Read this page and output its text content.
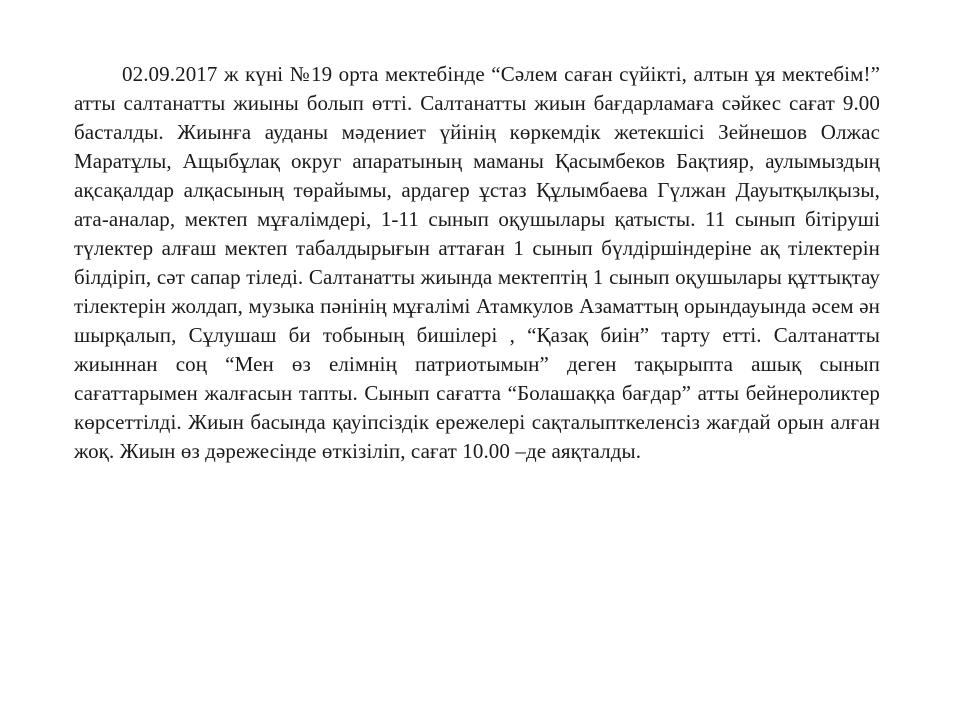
02.09.2017 ж күні №19 орта мектебінде “Сәлем саған сүйікті, алтын ұя мектебім!” атты салтанатты жиыны болып өтті. Салтанатты жиын бағдарламаға сәйкес сағат 9.00 басталды. Жиынға ауданы мәдениет үйінің көркемдік жетекшісі Зейнешов Олжас Маратұлы, Ащыбұлақ округ апаратының маманы Қасымбеков Бақтияр, аулымыздың ақсақалдар алқасының төрайымы, ардагер ұстаз Құлымбаева Гүлжан Дауытқылқызы, ата-аналар, мектеп мұғалімдері, 1-11 сынып оқушылары қатысты. 11 сынып бітіруші түлектер алғаш мектеп табалдырығын аттаған 1 сынып бүлдіршіндеріне ақ тілектерін білдіріп, сәт сапар тіледі. Салтанатты жиында мектептің 1 сынып оқушылары құттықтау тілектерін жолдап, музыка пәнінің мұғалімі Атамкулов Азаматтың орындауында әсем ән шырқалып, Сұлушаш би тобының бишілері , “Қазақ биін” тарту етті. Салтанатты жиыннан соң “Мен өз елімнің патриотымын” деген тақырыпта ашық сынып сағаттарымен жалғасын тапты. Сынып сағатта “Болашаққа бағдар” атты бейнероликтер көрсеттілді. Жиын басында қауіпсіздік ережелері сақталыпткеленсіз жағдай орын алған жоқ. Жиын өз дәрежесінде өткізіліп, сағат 10.00 –де аяқталды.
